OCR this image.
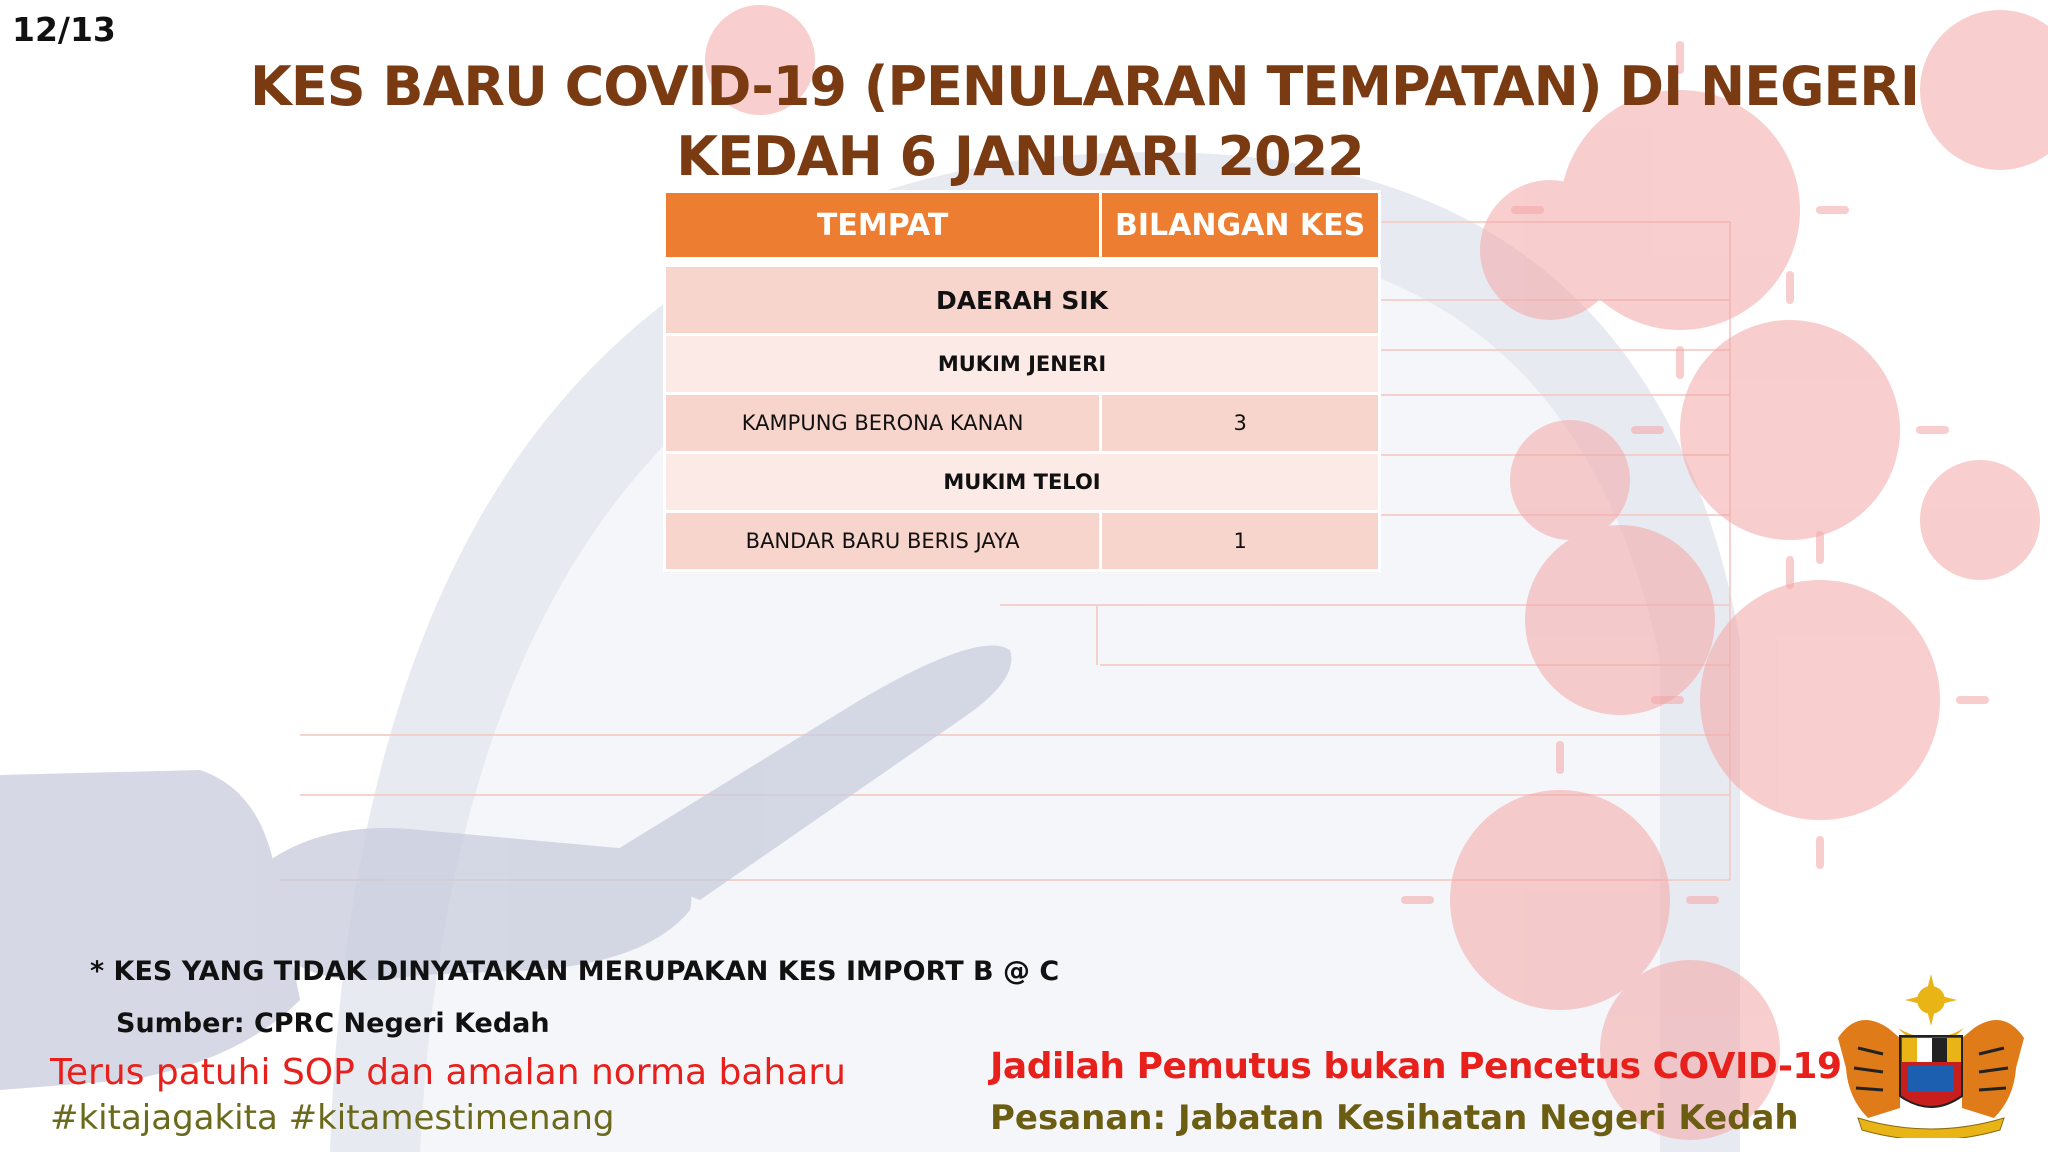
12/13
KES BARU COVID-19 (PENULARAN TEMPATAN) DI NEGERI
KEDAH 6 JANUARI 2022
TEMPAT	BILANGAN KES

DAERAH SIK	
MUKIM JENERI	
KAMPUNG BERONA KANAN	3
MUKIM TELOI	
BANDAR BARU BERIS JAYA	1
* KES YANG TIDAK DINYATAKAN MERUPAKAN KES IMPORT B @ C
Sumber: CPRC Negeri Kedah
Terus patuhi SOP dan amalan norma baharu
#kitajagakita #kitamestimenang
Jadilah Pemutus bukan Pencetus COVID-19
Pesanan: Jabatan Kesihatan Negeri Kedah
